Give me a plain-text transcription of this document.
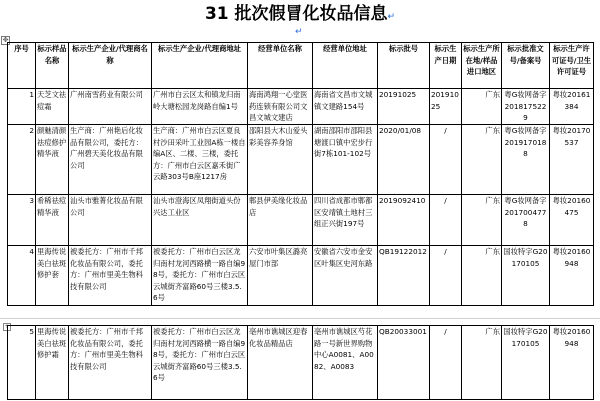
31 批次假冒化妆品信息↵
↵
✥
序号	标示样品名称	标示生产企业/代理商名称	标示生产企业/代理商地址	经营单位名称	经营单位地址	标示批号	标示生产日期	标示生产所在地/样品进口地区	标示批准文号/备案号	标示生产许可证号/卫生许可证号

1	天芝文祛痘霜	广州南雪药业有限公司	广州市白云区太和镇龙归南岭大塘松园龙岗路自编1号	海南鸿翔一心堂医药连锁有限公司文昌文城文建店	海南省文昌市文城镇文建路154号	20191025	20191025	广东	粤G妆网备字2018175229	粤妆20161384
2	颜魅清颜祛痘修护精华液	生产商：广州艳后化妆品有限公司，委托方：广州碧天美化妆品有限公司	生产商：广州市白云区夏良村沙田采叶工业园A栋一楼自编A区、二楼、三楼，委托方：广州市白云区嘉禾街广云路303号B座1217房	邵阳县大木山爱头彩美容养身馆	湖南邵阳市邵阳县塘渡口镇中宏步行街7栋101-102号	2020/01/08	/	广东	粤G妆网备字2019170188	粤妆20170537
3	希稀祛痘精华液	汕头市雅菁化妆品有限公司	汕头市澄海区凤翔街道头份兴达工业区	郫县伊美缘化妆品店	四川省成都市郫都区安靖镇土地村三组正兴街197号	2019092410	/	广东	粤G妆网备字2017004778	粤妆20160475
4	里海传说美白祛斑修护套	被委托方：广州市千邦化妆品有限公司，委托方：广州市里美生物科技有限公司	被委托方：广州市白云区龙归南村龙河西路横一路自编98号，委托方：广州市白云区云城街齐富路60号三楼3.5.6号	六安市叶集区潞亮屋门市部	安徽省六安市金安区叶集区史河东路	QB19122012	/	广东	国妆特字G20170105	粤妆20160948
+
5	里海传说美白祛斑修护霜	被委托方：广州市千邦化妆品有限公司，委托方：广州市里美生物科技有限公司	被委托方：广州市白云区龙归南村龙河西路横一路自编98号，委托方：广州市白云区云城街齐富路60号三楼3.5.6号	亳州市谯城区迎春化妆品精品店	亳州市谯城区芍花路一号新世界购物中心A0081、A0082、A0083	QB20033001	/	广东	国妆特字G20170105	粤妆20160948
